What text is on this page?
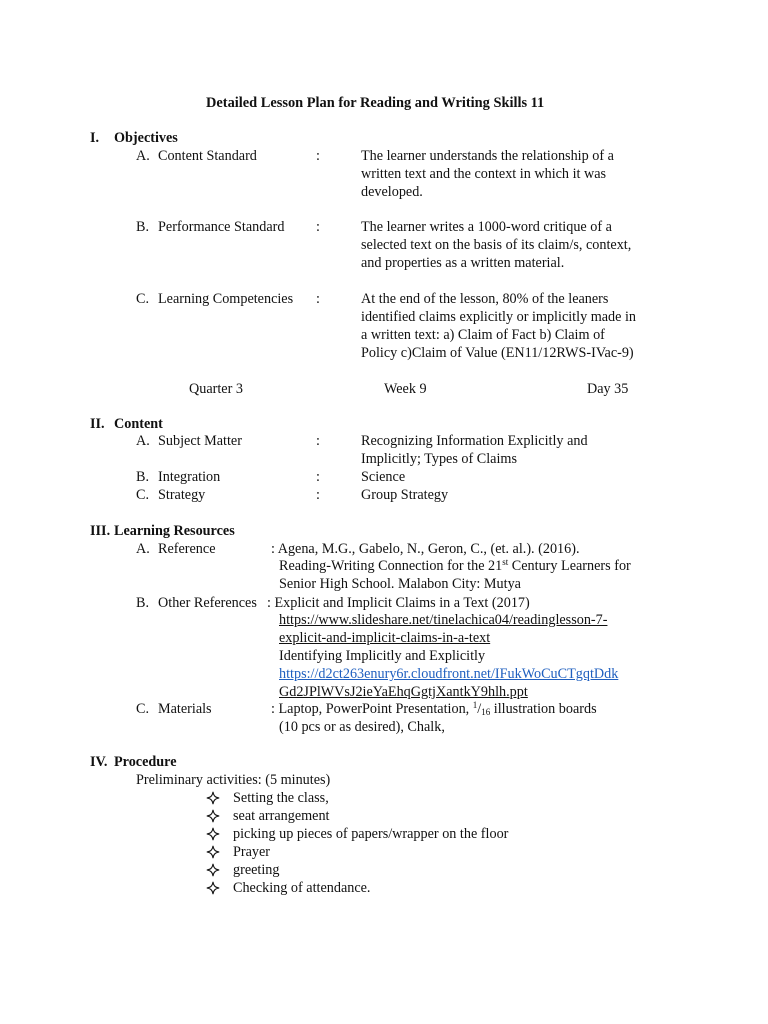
Detailed Lesson Plan for Reading and Writing Skills 11
I. Objectives
A. Content Standard	:	The learner understands the relationship of a
written text and the context in which it was
developed.
B. Performance Standard :	The learner writes a 1000-word critique of a
selected text on the basis of its claim/s, context,
and properties as a written material.
C. Learning Competencies :	At the end of the lesson, 80% of the leaners
identified claims explicitly or implicitly made in
a written text: a) Claim of Fact b) Claim of
Policy c)Claim of Value (EN11/12RWS-IVac-9)
Quarter 3	Week 9	Day 35
II. Content
A. Subject Matter	:	Recognizing Information Explicitly and
Implicitly; Types of Claims
B. Integration	:	Science
C. Strategy	:	Group Strategy
III. Learning Resources
A. Reference	: Agena, M.G., Gabelo, N., Geron, C., (et. al.). (2016).
Reading-Writing Connection for the 21st Century Learners for
Senior High School. Malabon City: Mutya
B. Other References : Explicit and Implicit Claims in a Text (2017)
https://www.slideshare.net/tinelachica04/readinglesson-7-
explicit-and-implicit-claims-in-a-text
Identifying Implicitly and Explicitly
https://d2ct263enury6r.cloudfront.net/IFukWoCuCTgqtDdk
Gd2JPlWVsJ2ieYaEhqGgtjXantkY9hlh.ppt
C. Materials	: Laptop, PowerPoint Presentation, $^1/_{16}$ illustration boards
(10 pcs or as desired), Chalk,
IV. Procedure
Preliminary activities: (5 minutes)
Setting the class,
seat arrangement
picking up pieces of papers/wrapper on the floor
Prayer
greeting
Checking of attendance.
